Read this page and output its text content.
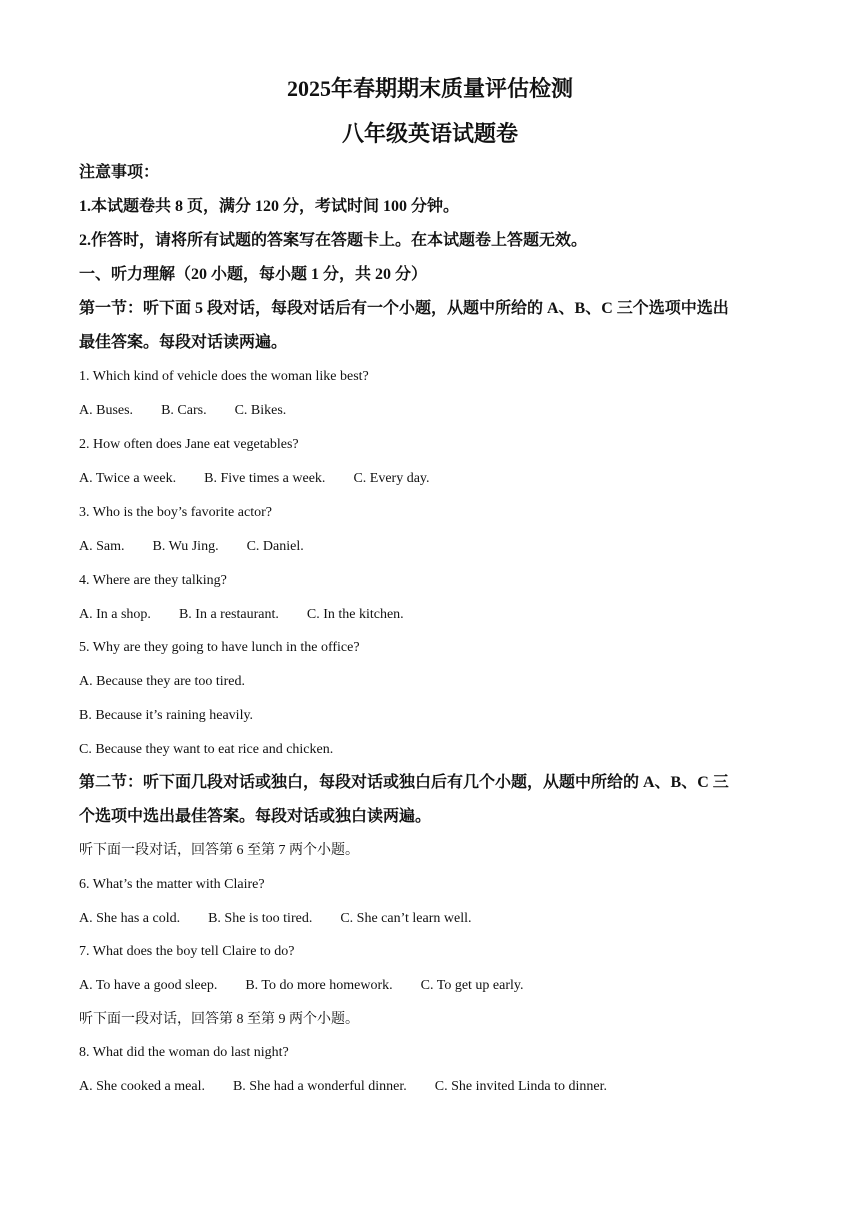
2025年春期期末质量评估检测
八年级英语试题卷
注意事项：
1.本试题卷共 8 页，满分 120 分，考试时间 100 分钟。
2.作答时，请将所有试题的答案写在答题卡上。在本试题卷上答题无效。
一、听力理解（20 小题，每小题 1 分，共 20 分）
第一节：听下面 5 段对话，每段对话后有一个小题，从题中所给的 A、B、C 三个选项中选出
最佳答案。每段对话读两遍。
1. Which kind of vehicle does the woman like best?
A. Buses. B. Cars. C. Bikes.
2. How often does Jane eat vegetables?
A. Twice a week. B. Five times a week. C. Every day.
3. Who is the boy’s favorite actor?
A. Sam. B. Wu Jing. C. Daniel.
4. Where are they talking?
A. In a shop. B. In a restaurant. C. In the kitchen.
5. Why are they going to have lunch in the office?
A. Because they are too tired.
B. Because it’s raining heavily.
C. Because they want to eat rice and chicken.
第二节：听下面几段对话或独白，每段对话或独白后有几个小题，从题中所给的 A、B、C 三
个选项中选出最佳答案。每段对话或独白读两遍。
听下面一段对话，回答第 6 至第 7 两个小题。
6. What’s the matter with Claire?
A. She has a cold. B. She is too tired. C. She can’t learn well.
7. What does the boy tell Claire to do?
A. To have a good sleep. B. To do more homework. C. To get up early.
听下面一段对话，回答第 8 至第 9 两个小题。
8. What did the woman do last night?
A. She cooked a meal. B. She had a wonderful dinner. C. She invited Linda to dinner.
